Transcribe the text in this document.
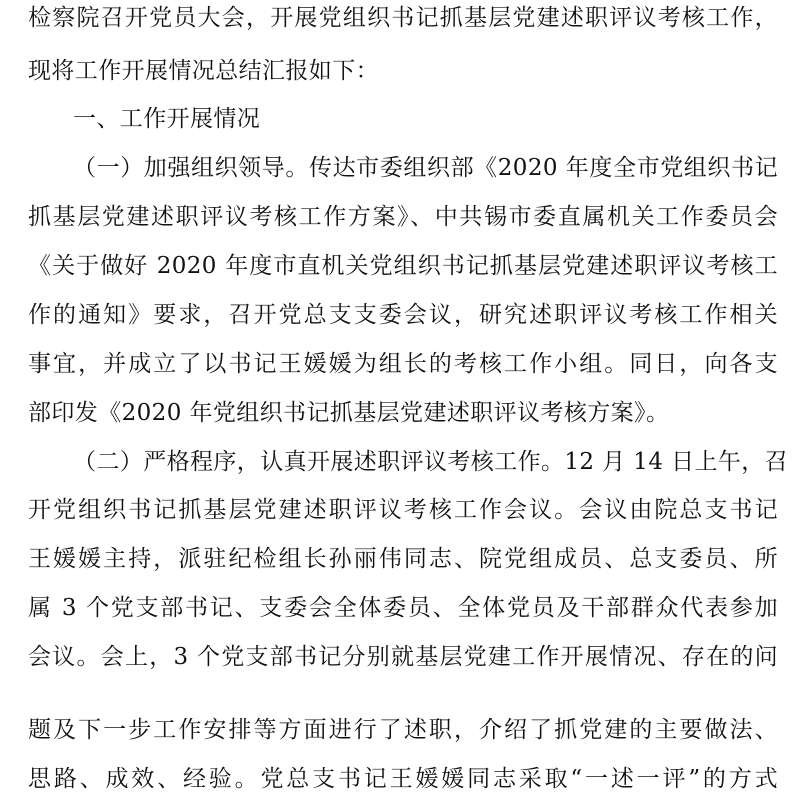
检察院召开党员大会，开展党组织书记抓基层党建述职评议考核工作，
现将工作开展情况总结汇报如下：
一、工作开展情况
（一）加强组织领导。传达市委组织部《2020 年度全市党组织书记
抓基层党建述职评议考核工作方案》、中共锡市委直属机关工作委员会
《关于做好 2020 年度市直机关党组织书记抓基层党建述职评议考核工
作的通知》要求，召开党总支支委会议，研究述职评议考核工作相关
事宜，并成立了以书记王媛媛为组长的考核工作小组。同日，向各支
部印发《2020 年党组织书记抓基层党建述职评议考核方案》。
（二）严格程序，认真开展述职评议考核工作。12 月 14 日上午，召
开党组织书记抓基层党建述职评议考核工作会议。会议由院总支书记
王媛媛主持，派驻纪检组长孙丽伟同志、院党组成员、总支委员、所
属 3 个党支部书记、支委会全体委员、全体党员及干部群众代表参加
会议。会上，3 个党支部书记分别就基层党建工作开展情况、存在的问
题及下一步工作安排等方面进行了述职，介绍了抓党建的主要做法、
思路、成效、经验。党总支书记王媛媛同志采取“一述一评”的方式
